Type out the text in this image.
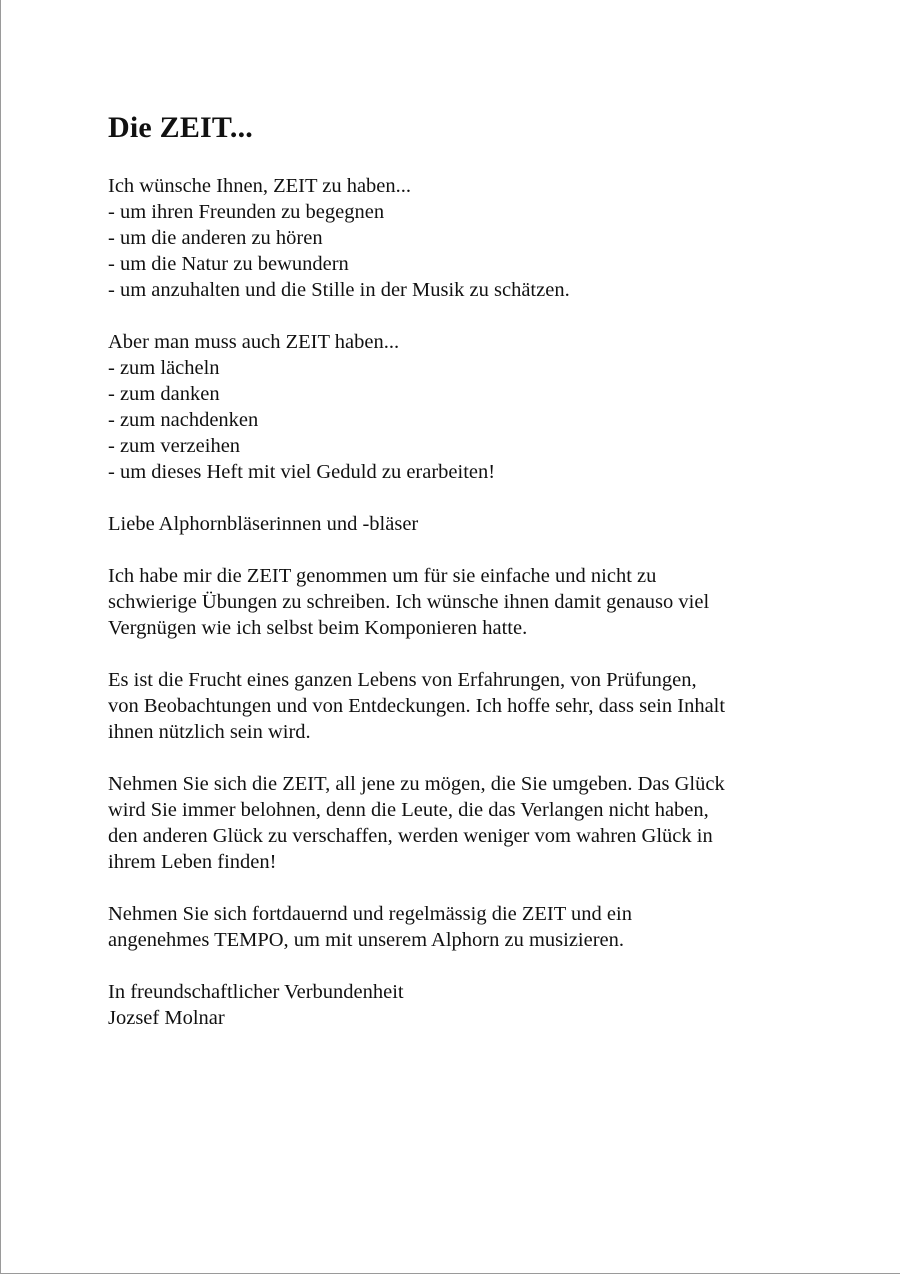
Die ZEIT...

Ich wünsche Ihnen, ZEIT zu haben...
- um ihren Freunden zu begegnen
- um die anderen zu hören
- um die Natur zu bewundern
- um anzuhalten und die Stille in der Musik zu schätzen.

Aber man muss auch ZEIT haben...
- zum lächeln
- zum danken
- zum nachdenken
- zum verzeihen
- um dieses Heft mit viel Geduld zu erarbeiten!

Liebe Alphornbläserinnen und -bläser

Ich habe mir die ZEIT genommen um für sie einfache und nicht zu
schwierige Übungen zu schreiben. Ich wünsche ihnen damit genauso viel
Vergnügen wie ich selbst beim Komponieren hatte.

Es ist die Frucht eines ganzen Lebens von Erfahrungen, von Prüfungen,
von Beobachtungen und von Entdeckungen. Ich hoffe sehr, dass sein Inhalt
ihnen nützlich sein wird.

Nehmen Sie sich die ZEIT, all jene zu mögen, die Sie umgeben. Das Glück
wird Sie immer belohnen, denn die Leute, die das Verlangen nicht haben,
den anderen Glück zu verschaffen, werden weniger vom wahren Glück in
ihrem Leben finden!

Nehmen Sie sich fortdauernd und regelmässig die ZEIT und ein
angenehmes TEMPO, um mit unserem Alphorn zu musizieren.

In freundschaftlicher Verbundenheit
Jozsef Molnar
